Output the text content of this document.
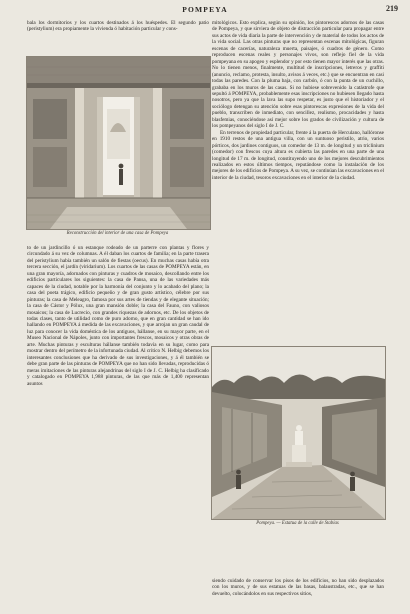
POMPEYA	219

bala los dormitorios y los cuartos destinados á los huéspedes. El segundo patio (peristylium) era propiamente la vivienda ó habitación particular y cons-

Reconstrucción del interior de una casa de Pompeya

mitológicos. Esto explica, según su opinión, los pintorescos adornos de las casas de Pompeya, y que sirviera de objeto de distracción particular para propagar entre sus actos de vida diaria la parte de intervención y de material de todos los actos de la vida social. Las otras pinturas que no representan escenas mitológicas, figuran escenas de cacerías, naturaleza muerta, paisajes, ó cuadros de género. Como reproducen escenas reales y personajes vivos, son reflejo fiel de la vida pompeyana en su apogeo y esplendor y por esto tienen mayor interés que las otras. No lo tienen menos, finalmente, multitud de inscripciones, letreros y graffiti (anuncio, reclamo, protesta, insulto, avisos á veces, etc.) que se encuentran en casi todas las paredes. Con la pluma baja, con carbón, ó con la punta de un cuchillo, grababa en los muros de las casas. Si no hubiese sobrevenido la catástrofe que sepultó á POMPEYA, probablemente esas inscripciones no hubiesen llegado hasta nosotros, pero ya que la lava las supo respetar, es justo que el historiador y el sociólogo detengan su atención sobre esas pintorescas expresiones de la vida del pueblo, transcriben de inmediato, con sencillez, realismo, procacidades y hasta blasfemias, conociéndose así mejor sobre los grados de civilización y cultura de los pompeyanos del siglo I de J. C.

En terrenos de propiedad particular, frente á la puerta de Herculano, hallóronse en 1910 restos de una antigua villa, con un suntuoso peristilo, atrio, varios pórticos, dos jardines contiguos, un comedor de 13 m. de longitud y un triclinium (comedor) con frescos cuya altura es cubierta las paredes en una parte de una longitud de 17 m. de longitud, constituyendo uno de los mejores descubrimientos realizados en estos últimos tiempos, reputándose como la instalación de los mejores de los edificios de Pompeya. A su vez, se continúan las excavaciones en el interior de la ciudad, tesoros excavaciones en el interior de la ciudad.

to de un jardincillo ó un estanque rodeado de un parterre con plantas y flores y circundado á su vez de columnas. A él daban los cuartos de familia; en la parte trasera del peristylium había también un salón de fiestas (oecus). En muchas casas había otra tercera sección, el jardín (viridarium). Los cuartos de las casas de POMPEYA están, en una gran mayoría, adornados con pinturas y cuadros de mosaico, descollando entre los edificios particulares los siguientes: la casa de Pansa, una de las variedades más capaces de la ciudad, notable por la harmonía del conjunto y lo acabado del plano; la casa del poeta trágico, edificio pequeño y de gran gusto artístico, célebre por sus pinturas; la casa de Meleagro, famosa por sus artes de tiendas y de elegante situación; la casa de Cástor y Pólux, una gran mansión doble; la casa del Fauno, con valiosos mosaicos; la casa de Lucrecio, con grandes riquezas de adornos, etc. De los objetos de todas clases, tanto de utilidad como de puro adorno, que en gran cantidad se han ido hallando en POMPEYA á medida de las excavaciones, y que arrojan un gran caudal de luz para conocer la vida doméstica de los antiguos, hállanse, en su mayor parte, en el Museo Nacional de Nápoles, junto con importantes frescos, mosaicos y otras obras de arte. Muchas pinturas y esculturas hállanse también todavía en su lugar, como para mostrar dentro del perímetro de la infortunada ciudad. Al crítico N. Helbig debemos los interesantes conclusiones que ha derivado de sus investigaciones, y á él también se debe gran parte de las pinturas de POMPEYA que no han sido llevadas, reproducidas ó meras imitaciones de las pinturas alejandrinas del siglo I de J. C. Helbig ha clasificado y catalogado en POMPEYA 1,988 pinturas, de las que más de 1,400 representan asuntos

Pompeya. — Estatua de la calle de Stabias

siendo cuidado de conservar los pisos de los edificios, no han sido desplazados con los muros, y de sus estatuas de las basas, balaustradas, etc., que se han devuelto, colocándolos en sus respectivos sitios,
